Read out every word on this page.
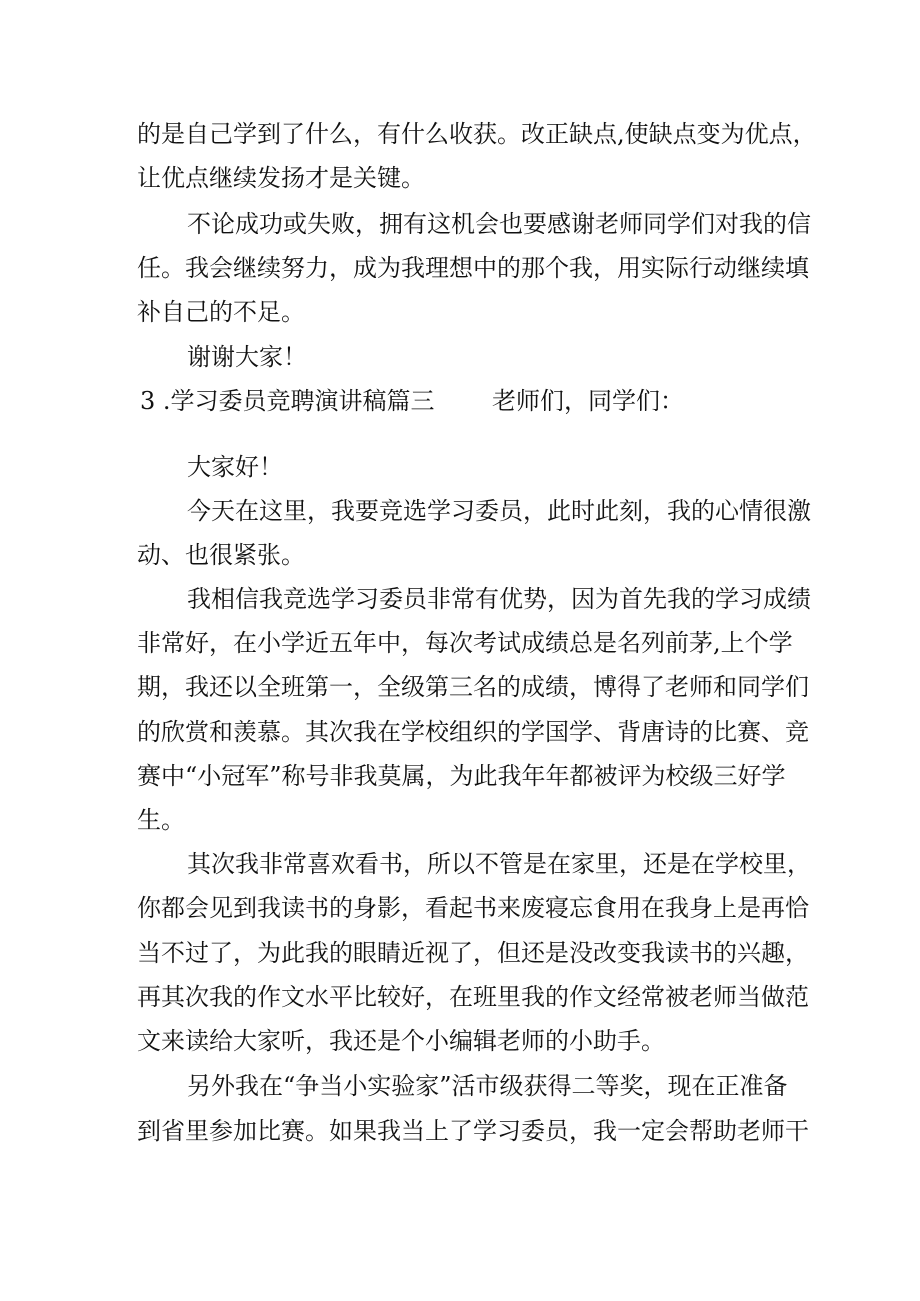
的是自己学到了什么，有什么收获。改正缺点,使缺点变为优点，
让优点继续发扬才是关键。
不论成功或失败，拥有这机会也要感谢老师同学们对我的信
任。我会继续努力，成为我理想中的那个我，用实际行动继续填
补自己的不足。
谢谢大家！
3 .学习委员竞聘演讲稿篇三 老师们，同学们：
大家好！
今天在这里，我要竞选学习委员，此时此刻，我的心情很激
动、也很紧张。
我相信我竞选学习委员非常有优势，因为首先我的学习成绩
非常好，在小学近五年中，每次考试成绩总是名列前茅,上个学
期，我还以全班第一，全级第三名的成绩，博得了老师和同学们
的欣赏和羡慕。其次我在学校组织的学国学、背唐诗的比赛、竞
赛中“小冠军”称号非我莫属，为此我年年都被评为校级三好学
生。
其次我非常喜欢看书，所以不管是在家里，还是在学校里，
你都会见到我读书的身影，看起书来废寝忘食用在我身上是再恰
当不过了，为此我的眼睛近视了，但还是没改变我读书的兴趣，
再其次我的作文水平比较好，在班里我的作文经常被老师当做范
文来读给大家听，我还是个小编辑老师的小助手。
另外我在“争当小实验家”活市级获得二等奖，现在正准备
到省里参加比赛。如果我当上了学习委员，我一定会帮助老师干
